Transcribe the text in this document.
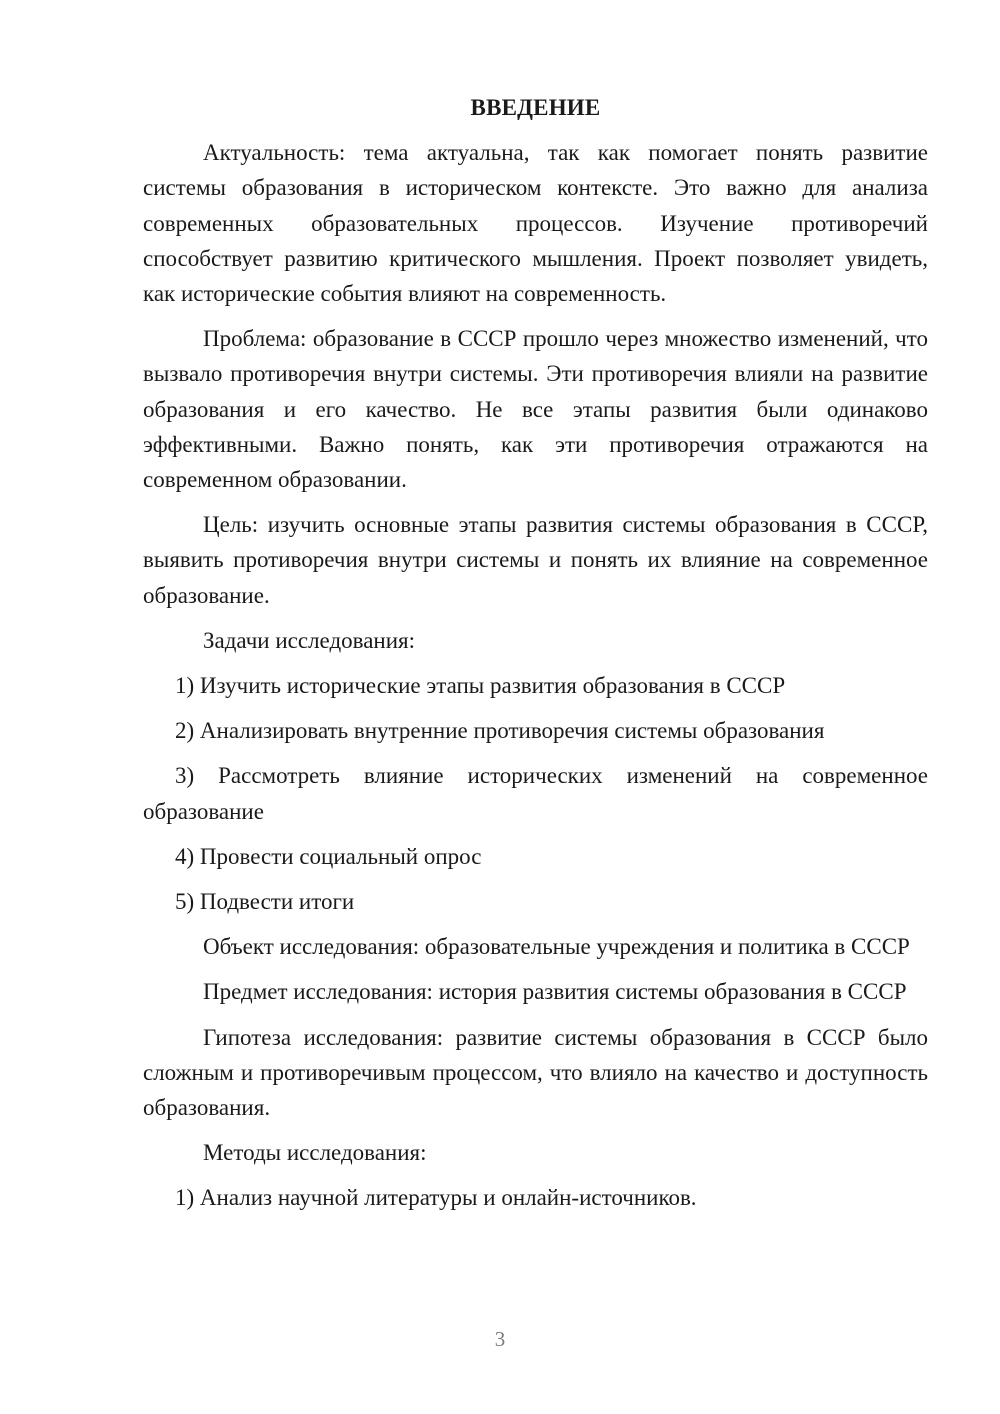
ВВЕДЕНИЕ

Актуальность: тема актуальна, так как помогает понять развитие системы образования в историческом контексте. Это важно для анализа современных образовательных процессов. Изучение противоречий способствует развитию критического мышления. Проект позволяет увидеть, как исторические события влияют на современность.

Проблема: образование в СССР прошло через множество изменений, что вызвало противоречия внутри системы. Эти противоречия влияли на развитие образования и его качество. Не все этапы развития были одинаково эффективными. Важно понять, как эти противоречия отражаются на современном образовании.

Цель: изучить основные этапы развития системы образования в СССР, выявить противоречия внутри системы и понять их влияние на современное образование.

Задачи исследования:

1) Изучить исторические этапы развития образования в СССР

2) Анализировать внутренние противоречия системы образования

3) Рассмотреть влияние исторических изменений на современное образование

4) Провести социальный опрос

5) Подвести итоги

Объект исследования: образовательные учреждения и политика в СССР

Предмет исследования: история развития системы образования в СССР

Гипотеза исследования: развитие системы образования в СССР было сложным и противоречивым процессом, что влияло на качество и доступность образования.

Методы исследования:

1) Анализ научной литературы и онлайн-источников.

3
